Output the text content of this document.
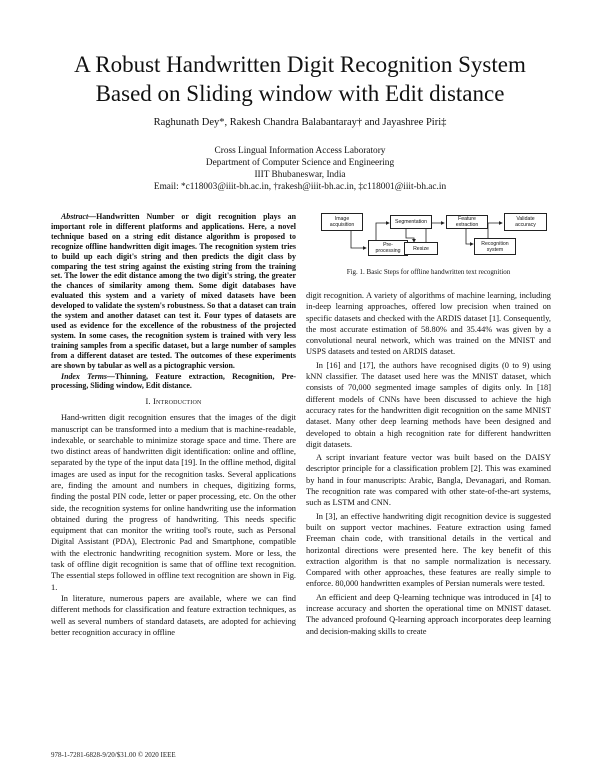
A Robust Handwritten Digit Recognition System
Based on Sliding window with Edit distance
Raghunath Dey*, Rakesh Chandra Balabantaray† and Jayashree Piri‡
Cross Lingual Information Access Laboratory
Department of Computer Science and Engineering
IIIT Bhubaneswar, India
Email: *c118003@iiit-bh.ac.in, †rakesh@iiit-bh.ac.in, ‡c118001@iiit-bh.ac.in

Abstract—Handwritten Number or digit recognition plays an important role in different platforms and applications. Here, a novel technique based on a string edit distance algorithm is proposed to recognize offline handwritten digit images. The recognition system tries to build up each digit's string and then predicts the digit class by comparing the test string against the existing string from the training set. The lower the edit distance among the two digit's string, the greater the chances of similarity among them. Some digit databases have evaluated this system and a variety of mixed datasets have been developed to validate the system's robustness. So that a dataset can train the system and another dataset can test it. Four types of datasets are used as evidence for the excellence of the robustness of the projected system. In some cases, the recognition system is trained with very less training samples from a specific dataset, but a large number of samples from a different dataset are tested. The outcomes of these experiments are shown by tabular as well as a pictographic version.

Index Terms—Thinning, Feature extraction, Recognition, Pre-processing, Sliding window, Edit distance.

I. Introduction

Hand-written digit recognition ensures that the images of the digit manuscript can be transformed into a medium that is machine-readable, indexable, or searchable to minimize storage space and time. There are two distinct areas of handwritten digit identification: online and offline, separated by the type of the input data [19]. In the offline method, digital images are used as input for the recognition tasks. Several applications are, finding the amount and numbers in cheques, digitizing forms, finding the postal PIN code, letter or paper processing, etc. On the other side, the recognition systems for online handwriting use the information obtained during the progress of handwriting. This needs specific equipment that can monitor the writing tool's route, such as Personal Digital Assistant (PDA), Electronic Pad and Smartphone, compatible with the electronic handwriting recognition system. More or less, the task of offline digit recognition is same that of offline text recognition. The essential steps followed in offline text recognition are shown in Fig. 1.

In literature, numerous papers are available, where we can find different methods for classification and feature extraction techniques, as well as several numbers of standard datasets, are adopted for achieving better recognition accuracy in offline

Image acquisition
Pre-processing
Segmentation
Resize
Feature extraction
Recognition system
Validate accuracy
Fig. 1. Basic Steps for offline handwritten text recognition

digit recognition. A variety of algorithms of machine learning, including in-deep learning approaches, offered low precision when trained on specific datasets and checked with the ARDIS dataset [1]. Consequently, the most accurate estimation of 58.80% and 35.44% was given by a convolutional neural network, which was trained on the MNIST and USPS datasets and tested on ARDIS dataset.

In [16] and [17], the authors have recognised digits (0 to 9) using kNN classifier. The dataset used here was the MNIST dataset, which consists of 70,000 segmented image samples of digits only. In [18] different models of CNNs have been discussed to achieve the high accuracy rates for the handwritten digit recognition on the same MNIST dataset. Many other deep learning methods have been designed and developed to obtain a high recognition rate for different handwritten digit datasets.

A script invariant feature vector was built based on the DAISY descriptor principle for a classification problem [2]. This was examined by hand in four manuscripts: Arabic, Bangla, Devanagari, and Roman. The recognition rate was compared with other state-of-the-art systems, such as LSTM and CNN.

In [3], an effective handwriting digit recognition device is suggested built on support vector machines. Feature extraction using famed Freeman chain code, with transitional details in the vertical and horizontal directions were presented here. The key benefit of this extraction algorithm is that no sample normalization is necessary. Compared with other approaches, these features are really simple to enforce. 80,000 handwritten examples of Persian numerals were tested.

An efficient and deep Q-learning technique was introduced in [4] to increase accuracy and shorten the operational time on MNIST dataset. The advanced profound Q-learning approach incorporates deep learning and decision-making skills to create

978-1-7281-6828-9/20/$31.00 © 2020 IEEE
